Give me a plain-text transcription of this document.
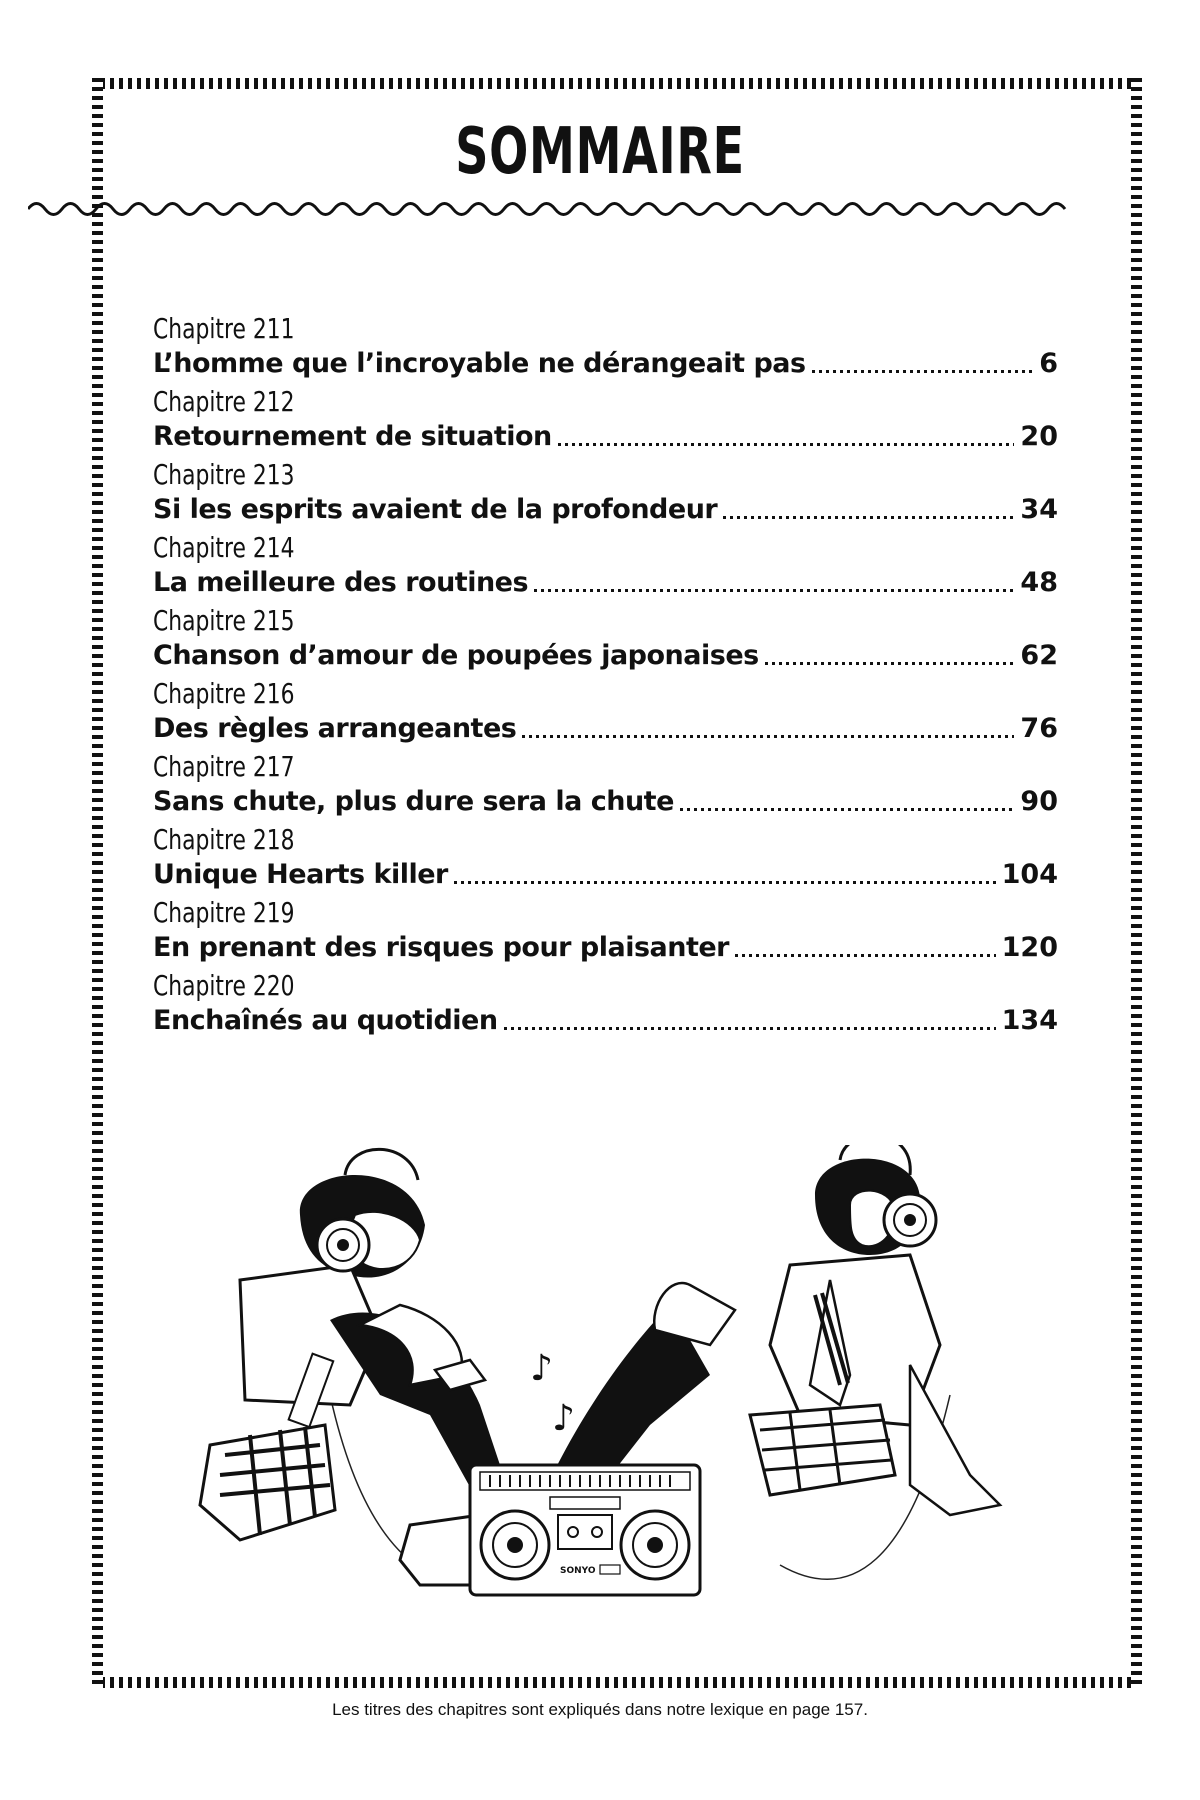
SOMMAIRE
Chapitre 211
L’homme que l’incroyable ne dérangeait pas	6
Chapitre 212
Retournement de situation	20
Chapitre 213
Si les esprits avaient de la profondeur	34
Chapitre 214
La meilleure des routines	48
Chapitre 215
Chanson d’amour de poupées japonaises	62
Chapitre 216
Des règles arrangeantes	76
Chapitre 217
Sans chute, plus dure sera la chute	90
Chapitre 218
Unique Hearts killer	104
Chapitre 219
En prenant des risques pour plaisanter	120
Chapitre 220
Enchaînés au quotidien	134
♪
♪
SONYO
Les titres des chapitres sont expliqués dans notre lexique en page 157.
